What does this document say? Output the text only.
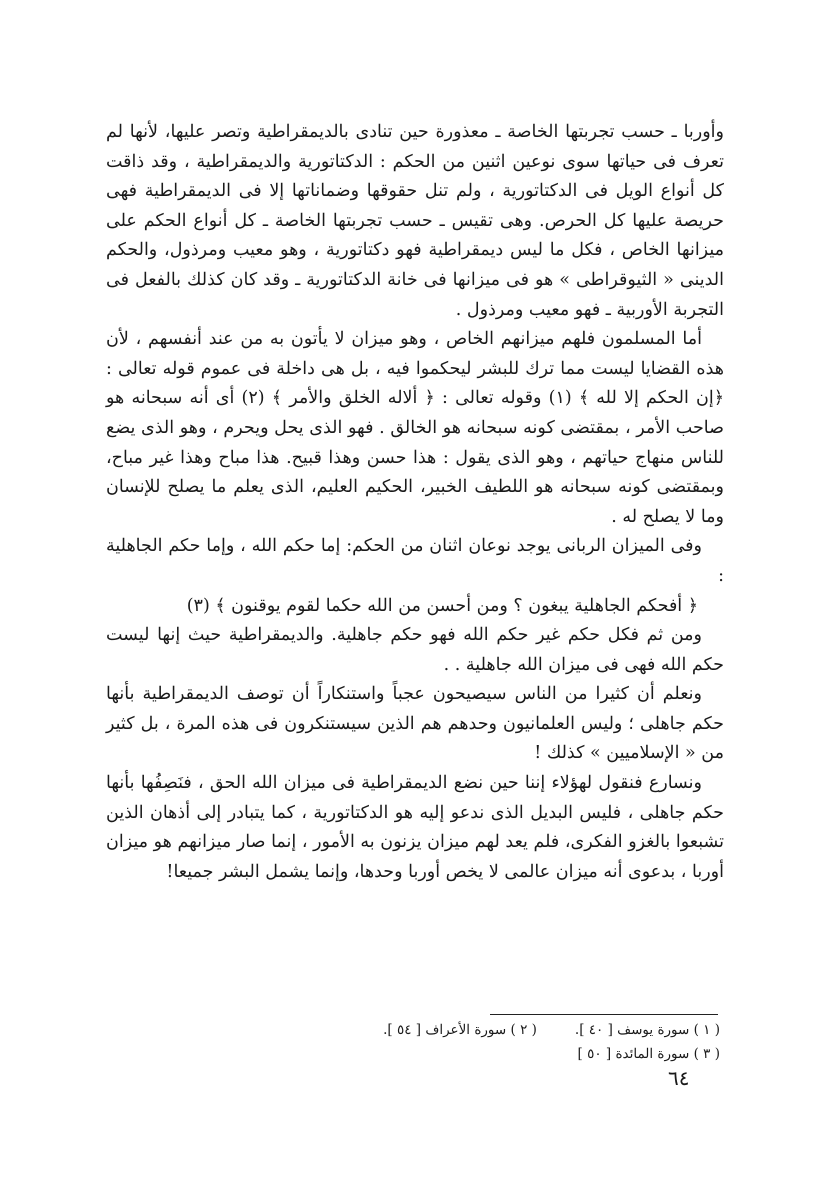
وأوربا ـ حسب تجربتها الخاصة ـ معذورة حين تنادى بالديمقراطية وتصر عليها، لأنها لم تعرف فى حياتها سوى نوعين اثنين من الحكم : الدكتاتورية والديمقراطية ، وقد ذاقت كل أنواع الويل فى الدكتاتورية ، ولم تنل حقوقها وضماناتها إلا فى الديمقراطية فهى حريصة عليها كل الحرص. وهى تقيس ـ حسب تجربتها الخاصة ـ كل أنواع الحكم على ميزانها الخاص ، فكل ما ليس ديمقراطية فهو دكتاتورية ، وهو معيب ومرذول، والحكم الدينى « الثيوقراطى » هو فى ميزانها فى خانة الدكتاتورية ـ وقد كان كذلك بالفعل فى التجربة الأوربية ـ فهو معيب ومرذول .

أما المسلمون فلهم ميزانهم الخاص ، وهو ميزان لا يأتون به من عند أنفسهم ، لأن هذه القضايا ليست مما ترك للبشر ليحكموا فيه ، بل هى داخلة فى عموم قوله تعالى : ﴿إن الحكم إلا لله ﴾ (١) وقوله تعالى : ﴿ ألاله الخلق والأمر ﴾ (٢) أى أنه سبحانه هو صاحب الأمر ، بمقتضى كونه سبحانه هو الخالق . فهو الذى يحل ويحرم ، وهو الذى يضع للناس منهاج حياتهم ، وهو الذى يقول : هذا حسن وهذا قبيح. هذا مباح وهذا غير مباح، وبمقتضى كونه سبحانه هو اللطيف الخبير، الحكيم العليم، الذى يعلم ما يصلح للإنسان وما لا يصلح له .

وفى الميزان الربانى يوجد نوعان اثنان من الحكم: إما حكم الله ، وإما حكم الجاهلية :

﴿ أفحكم الجاهلية يبغون ؟ ومن أحسن من الله حكما لقوم يوقنون ﴾ (٣)

ومن ثم فكل حكم غير حكم الله فهو حكم جاهلية. والديمقراطية حيث إنها ليست حكم الله فهى فى ميزان الله جاهلية . .

ونعلم أن كثيرا من الناس سيصيحون عجباً واستنكاراً أن توصف الديمقراطية بأنها حكم جاهلى ؛ وليس العلمانيون وحدهم هم الذين سيستنكرون فى هذه المرة ، بل كثير من « الإسلاميين » كذلك !

ونسارع فنقول لهؤلاء إننا حين نضع الديمقراطية فى ميزان الله الحق ، فنَصِفُها بأنها حكم جاهلى ، فليس البديل الذى ندعو إليه هو الدكتاتورية ، كما يتبادر إلى أذهان الذين تشبعوا بالغزو الفكرى، فلم يعد لهم ميزان يزنون به الأمور ، إنما صار ميزانهم هو ميزان أوربا ، بدعوى أنه ميزان عالمى لا يخص أوربا وحدها، وإنما يشمل البشر جميعا!

( ١ ) سورة يوسف [ ٤٠ ].
( ٢ ) سورة الأعراف [ ٥٤ ].
( ٣ ) سورة المائدة [ ٥٠ ]
٦٤
